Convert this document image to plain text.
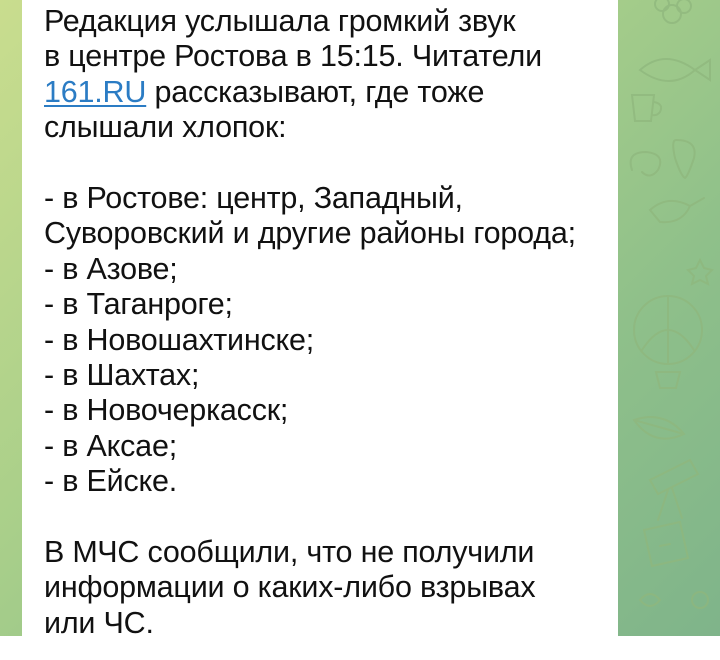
Редакция услышала громкий звук
в центре Ростова в 15:15. Читатели
161.RU рассказывают, где тоже
слышали хлопок:
- в Ростове: центр, Западный,
Суворовский и другие районы города;
- в Азове;
- в Таганроге;
- в Новошахтинске;
- в Шахтах;
- в Новочеркасск;
- в Аксае;
- в Ейске.
В МЧС сообщили, что не получили
информации о каких-либо взрывах
или ЧС.
